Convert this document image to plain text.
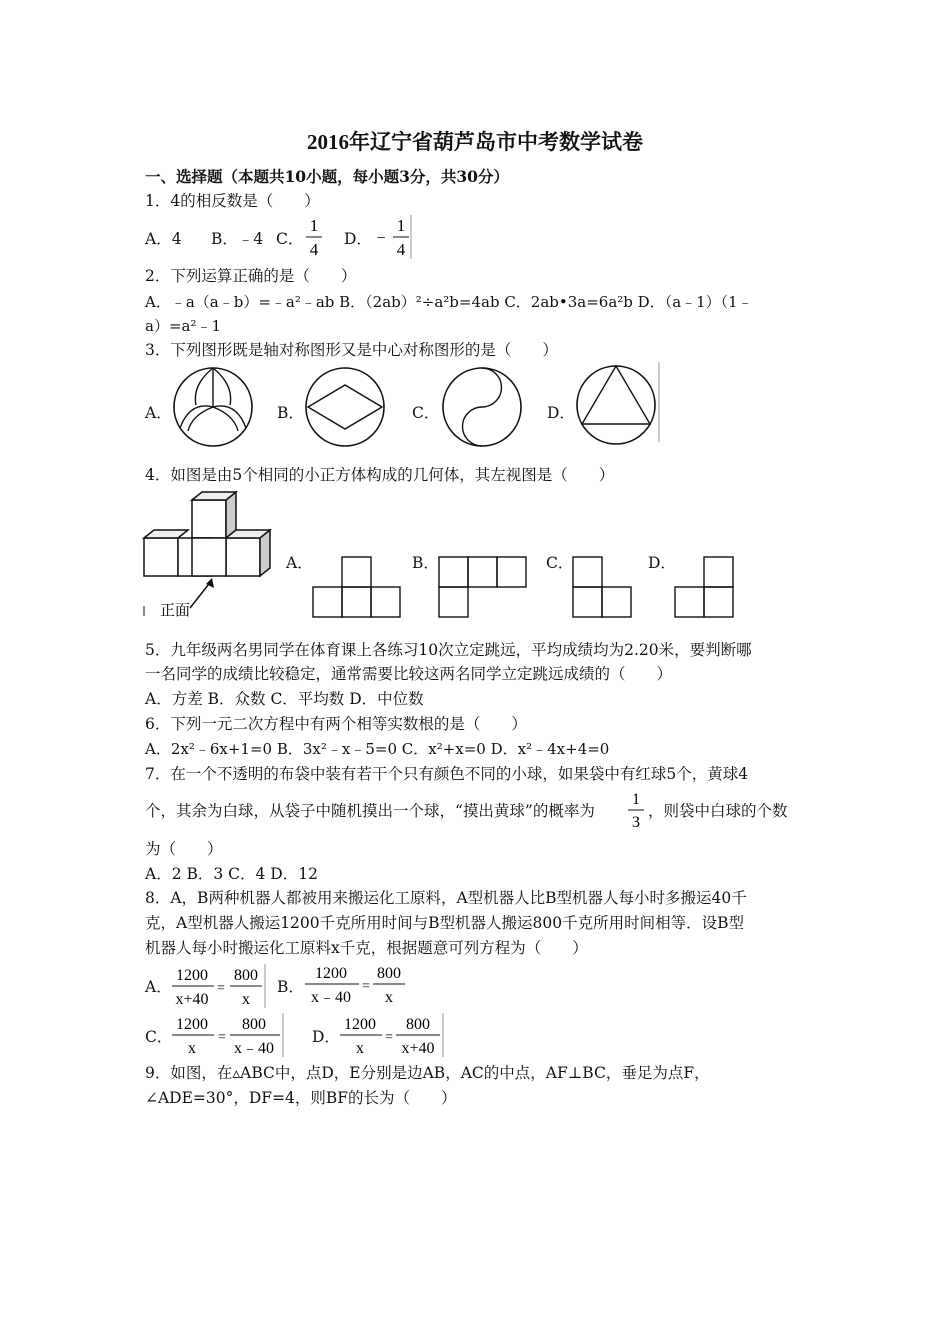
2016年辽宁省葫芦岛市中考数学试卷
一、选择题（本题共10小题，每小题3分，共30分）
1．4的相反数是（　　）
A．4 B．﹣4 C．
1
4
D． −
1
4
2．下列运算正确的是（　　）
A．﹣a（a﹣b）=﹣a²﹣ab B．（2ab）²÷a²b=4ab C．2ab•3a=6a²b D．（a﹣1）（1﹣
a）=a²﹣1
3．下列图形既是轴对称图形又是中心对称图形的是（　　）
A．	B．	C．	D．
4．如图是由5个相同的小正方体构成的几何体，其左视图是（　　）
正面
A．	B．	C．	D．
5．九年级两名男同学在体育课上各练习10次立定跳远，平均成绩均为2.20米，要判断哪
一名同学的成绩比较稳定，通常需要比较这两名同学立定跳远成绩的（　　）
A．方差 B．众数 C．平均数 D．中位数
6．下列一元二次方程中有两个相等实数根的是（　　）
A．2x²﹣6x+1=0 B．3x²﹣x﹣5=0 C．x²+x=0 D．x²﹣4x+4=0
7．在一个不透明的布袋中装有若干个只有颜色不同的小球，如果袋中有红球5个，黄球4
个，其余为白球，从袋子中随机摸出一个球，“摸出黄球”的概率为
1
3
，则袋中白球的个数
为（　　）
A．2 B．3 C．4 D．12
8．A，B两种机器人都被用来搬运化工原料，A型机器人比B型机器人每小时多搬运40千
克，A型机器人搬运1200千克所用时间与B型机器人搬运800千克所用时间相等．设B型
机器人每小时搬运化工原料x千克，根据题意可列方程为（　　）
A．
1200
x+40
=
800
x
B．
1200
x﹣40
=
800
x
C．
1200
x
=
800
x﹣40
D．
1200
x
=
800
x+40
9．如图，在▵ABC中，点D，E分别是边AB，AC的中点，AF⊥BC，垂足为点F，
∠ADE=30°，DF=4，则BF的长为（　　）
